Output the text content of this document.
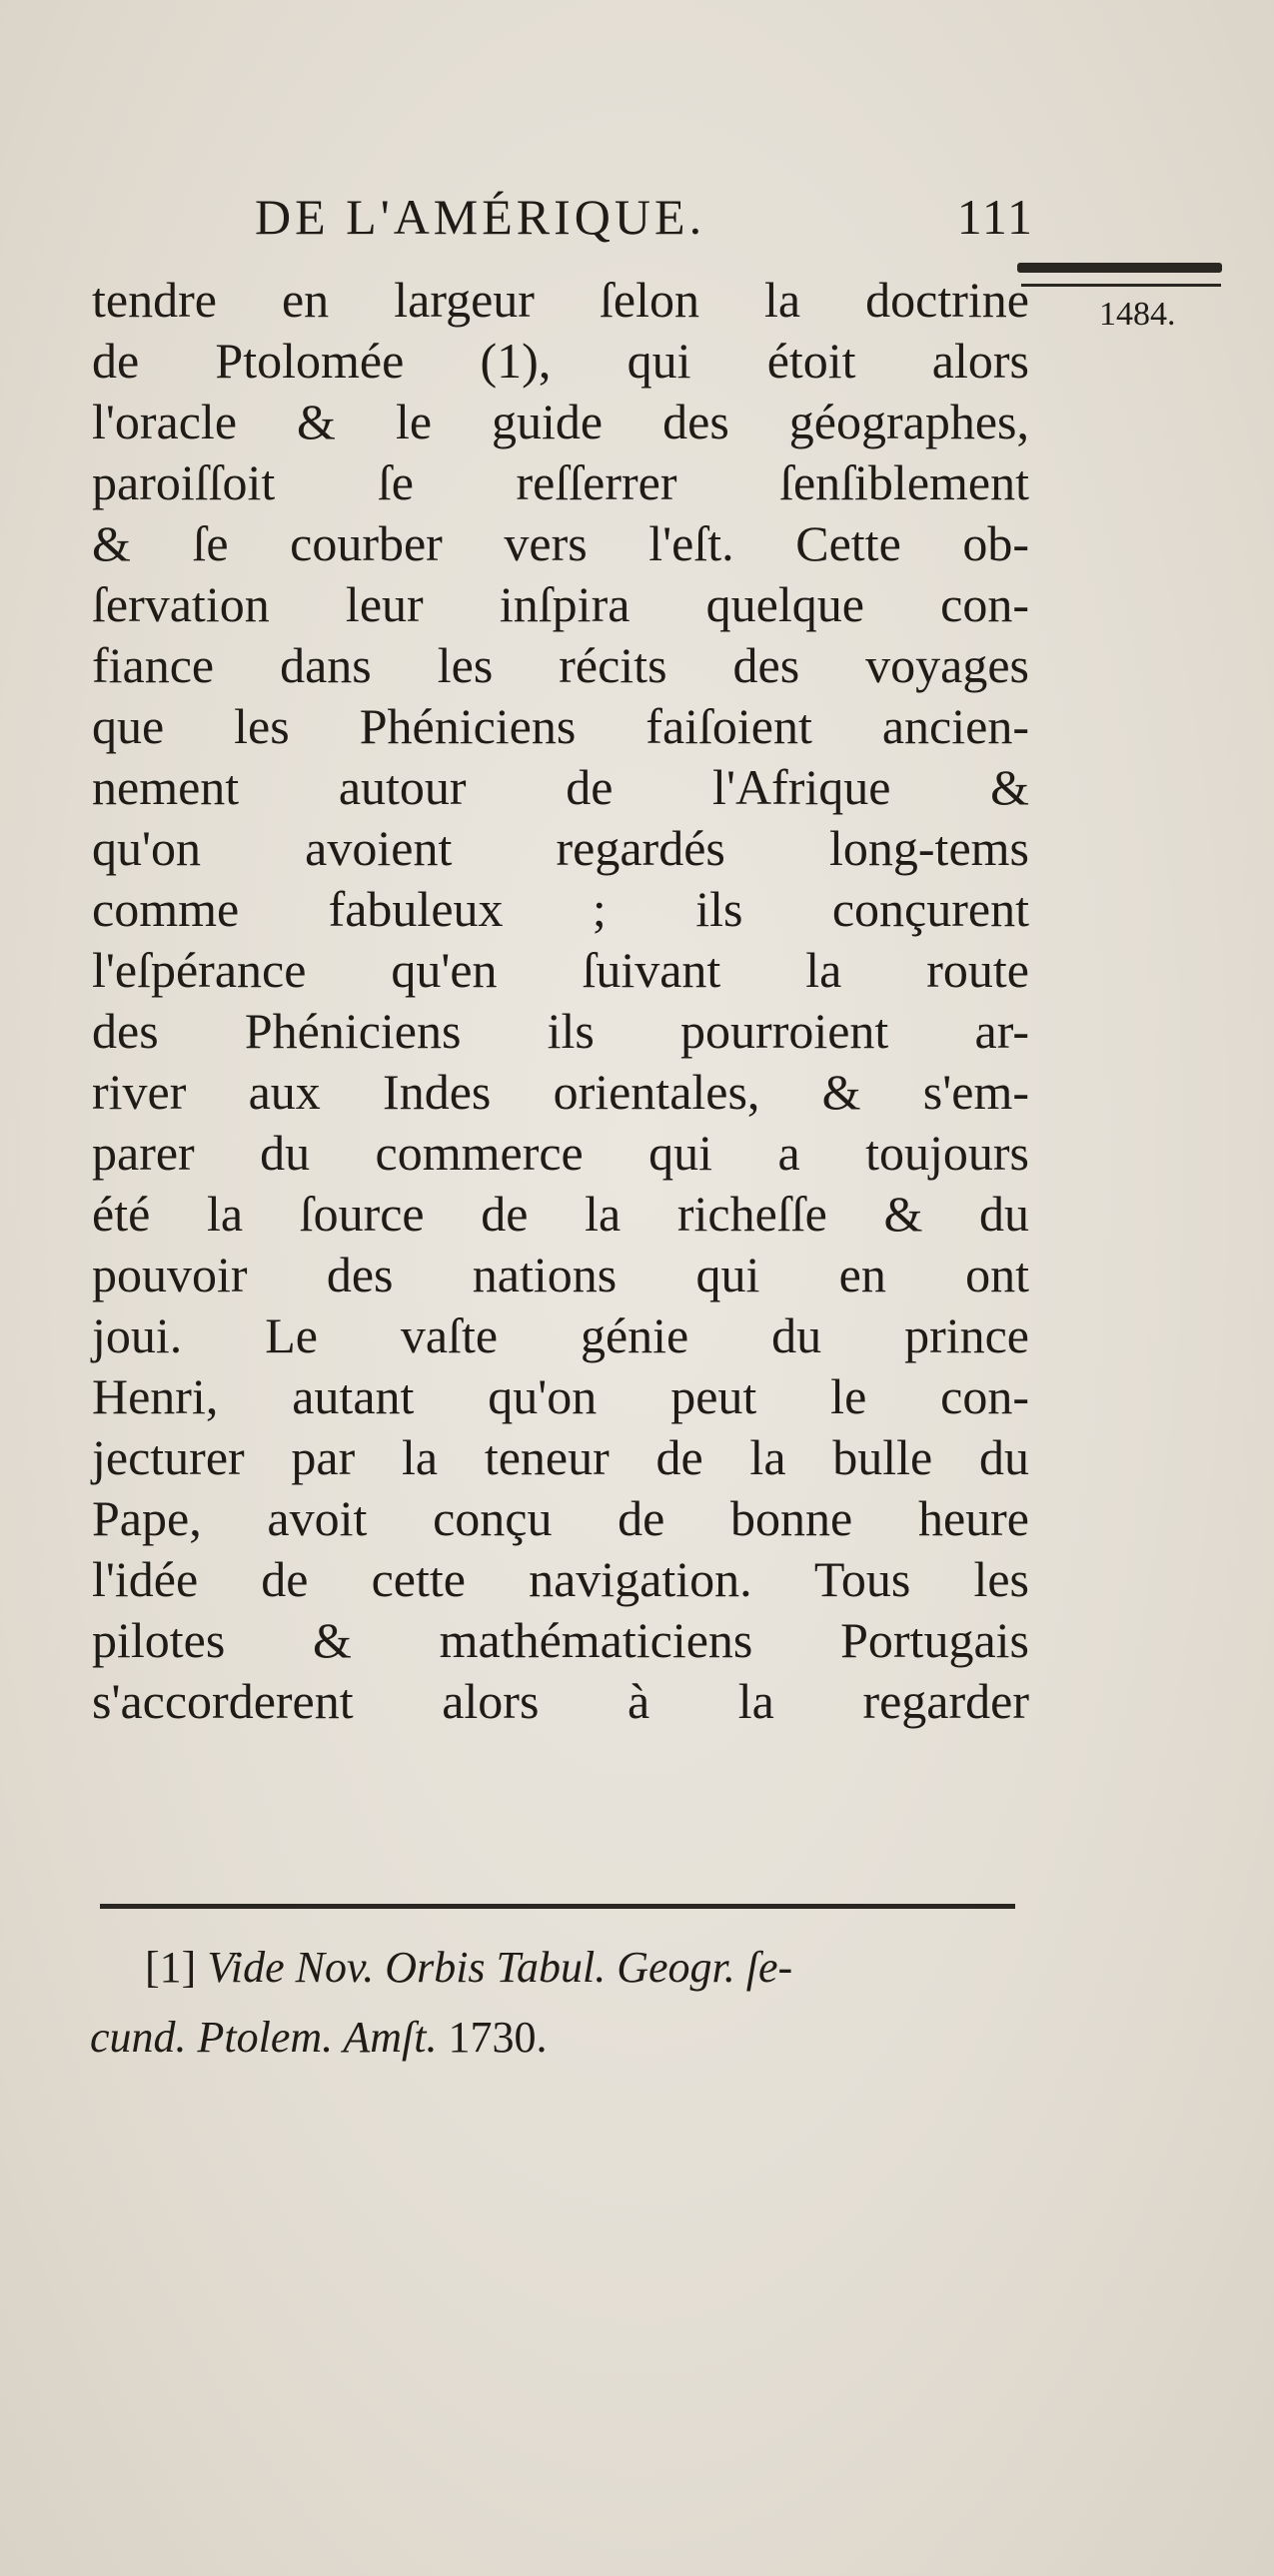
DE L'AMÉRIQUE.	111
1484.
tendre en largeur ſelon la doctrine
de Ptolomée (1), qui étoit alors
l'oracle & le guide des géographes,
paroiſſoit ſe reſſerrer ſenſiblement
& ſe courber vers l'eſt. Cette ob-
ſervation leur inſpira quelque con-
fiance dans les récits des voyages
que les Phéniciens faiſoient ancien-
nement autour de l'Afrique &
qu'on avoient regardés long-tems
comme fabuleux ; ils conçurent
l'eſpérance qu'en ſuivant la route
des Phéniciens ils pourroient ar-
river aux Indes orientales, & s'em-
parer du commerce qui a toujours
été la ſource de la richeſſe & du
pouvoir des nations qui en ont
joui. Le vaſte génie du prince
Henri, autant qu'on peut le con-
jecturer par la teneur de la bulle du
Pape, avoit conçu de bonne heure
l'idée de cette navigation. Tous les
pilotes & mathématiciens Portugais
s'accorderent alors à la regarder
[1] Vide Nov. Orbis Tabul. Geogr. ſe-
cund. Ptolem. Amſt. 1730.
